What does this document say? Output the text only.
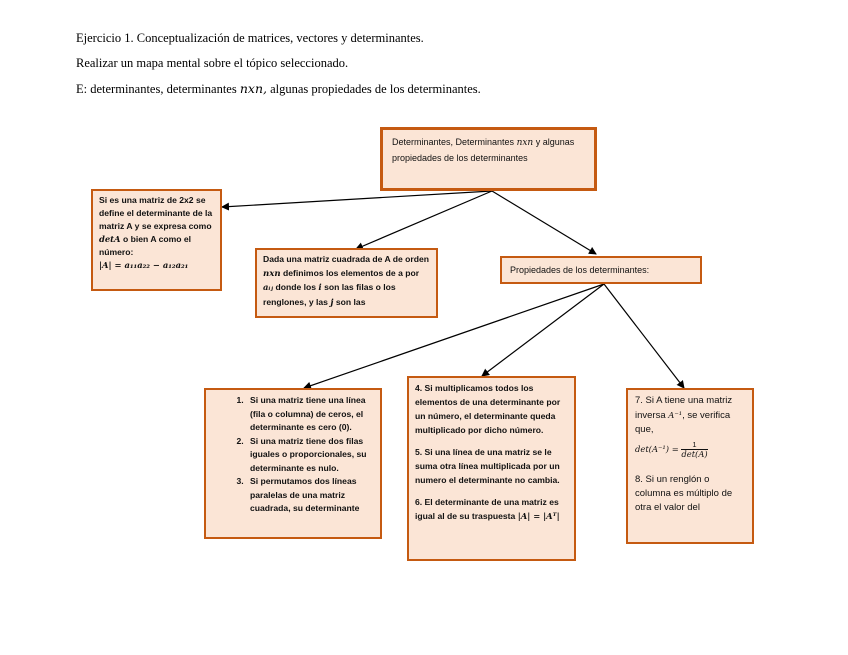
Ejercicio 1. Conceptualización de matrices, vectores y determinantes.
Realizar un mapa mental sobre el tópico seleccionado.
E: determinantes, determinantes nxn, algunas propiedades de los determinantes.

Determinantes, Determinantes nxn y algunas propiedades de los determinantes

Si es una matriz de 2x2 se define el determinante de la matriz A y se expresa como detA o bien A como el número:
|A| = a₁₁a₂₂ − a₁₂a₂₁

Dada una matriz cuadrada de A de orden nxn definimos los elementos de a por aᵢⱼ donde los i son las filas o los renglones, y las j son las

Propiedades de los determinantes:

1. Si una matriz tiene una línea (fila o columna) de ceros, el determinante es cero (0).
2. Si una matriz tiene dos filas iguales o proporcionales, su determinante es nulo.
3. Si permutamos dos líneas paralelas de una matriz cuadrada, su determinante

4. Si multiplicamos todos los elementos de una determinante por un número, el determinante queda multiplicado por dicho número.

5. Si una línea de una matriz se le suma otra línea multiplicada por un numero el determinante no cambia.

6. El determinante de una matriz es igual al de su traspuesta |A| = |Aᵀ|

7. Si A tiene una matriz inversa A⁻¹, se verifica que,

$\det(A^{-1}) = \frac{1}{\det(A)}$

8. Si un renglón o columna es múltiplo de otra el valor del
